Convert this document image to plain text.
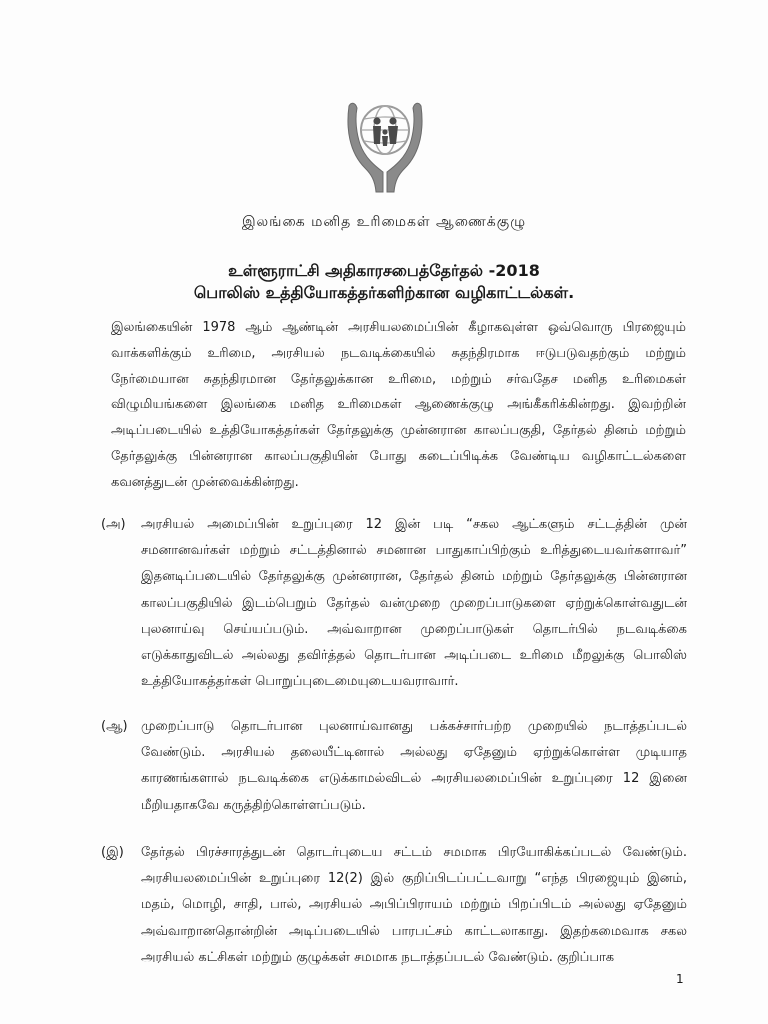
இலங்கை மனித உரிமைகள் ஆணைக்குழு
உள்ளூராட்சி அதிகாரசபைத்தேர்தல் -2018
பொலிஸ் உத்தியோகத்தர்களிற்கான வழிகாட்டல்கள்.
இலங்கையின் 1978 ஆம் ஆண்டின் அரசியலமைப்பின் கீழாகவுள்ள ஒவ்வொரு பிரஜையும் வாக்களிக்கும் உரிமை, அரசியல் நடவடிக்கையில் சுதந்திரமாக ஈடுபடுவதற்கும் மற்றும் நேர்மையான சுதந்திரமான தேர்தலுக்கான உரிமை, மற்றும் சர்வதேச மனித உரிமைகள் விழுமியங்களை இலங்கை மனித உரிமைகள் ஆணைக்குழு அங்கீகரிக்கின்றது. இவற்றின் அடிப்படையில் உத்தியோகத்தர்கள் தேர்தலுக்கு முன்னரான காலப்பகுதி, தேர்தல் தினம் மற்றும் தேர்தலுக்கு பின்னரான காலப்பகுதியின் போது கடைப்பிடிக்க வேண்டிய வழிகாட்டல்களை கவனத்துடன் முன்வைக்கின்றது.
(அ) அரசியல் அமைப்பின் உறுப்புரை 12 இன் படி “சகல ஆட்களும் சட்டத்தின் முன் சமனானவர்கள் மற்றும் சட்டத்தினால் சமனான பாதுகாப்பிற்கும் உரித்துடையவர்களாவர்” இதனடிப்படையில் தேர்தலுக்கு முன்னரான, தேர்தல் தினம் மற்றும் தேர்தலுக்கு பின்னரான காலப்பகுதியில் இடம்பெறும் தேர்தல் வன்முறை முறைப்பாடுகளை ஏற்றுக்கொள்வதுடன் புலனாய்வு செய்யப்படும். அவ்வாறான முறைப்பாடுகள் தொடர்பில் நடவடிக்கை எடுக்காதுவிடல் அல்லது தவிர்த்தல் தொடர்பான அடிப்படை உரிமை மீறலுக்கு பொலிஸ் உத்தியோகத்தர்கள் பொறுப்புடைமையுடையவராவார்.
(ஆ) முறைப்பாடு தொடர்பான புலனாய்வானது பக்கச்சார்பற்ற முறையில் நடாத்தப்படல் வேண்டும். அரசியல் தலையீட்டினால் அல்லது ஏதேனும் ஏற்றுக்கொள்ள முடியாத காரணங்களால் நடவடிக்கை எடுக்காமல்விடல் அரசியலமைப்பின் உறுப்புரை 12 இனை மீறியதாகவே கருத்திற்கொள்ளப்படும்.
(இ) தேர்தல் பிரச்சாரத்துடன் தொடர்புடைய சட்டம் சமமாக பிரயோகிக்கப்படல் வேண்டும். அரசியலமைப்பின் உறுப்புரை 12(2) இல் குறிப்பிடப்பட்டவாறு “எந்த பிரஜையும் இனம், மதம், மொழி, சாதி, பால், அரசியல் அபிப்பிராயம் மற்றும் பிறப்பிடம் அல்லது ஏதேனும் அவ்வாறானதொன்றின் அடிப்படையில் பாரபட்சம் காட்டலாகாது. இதற்கமைவாக சகல அரசியல் கட்சிகள் மற்றும் குழுக்கள் சமமாக நடாத்தப்படல் வேண்டும். குறிப்பாக
1
